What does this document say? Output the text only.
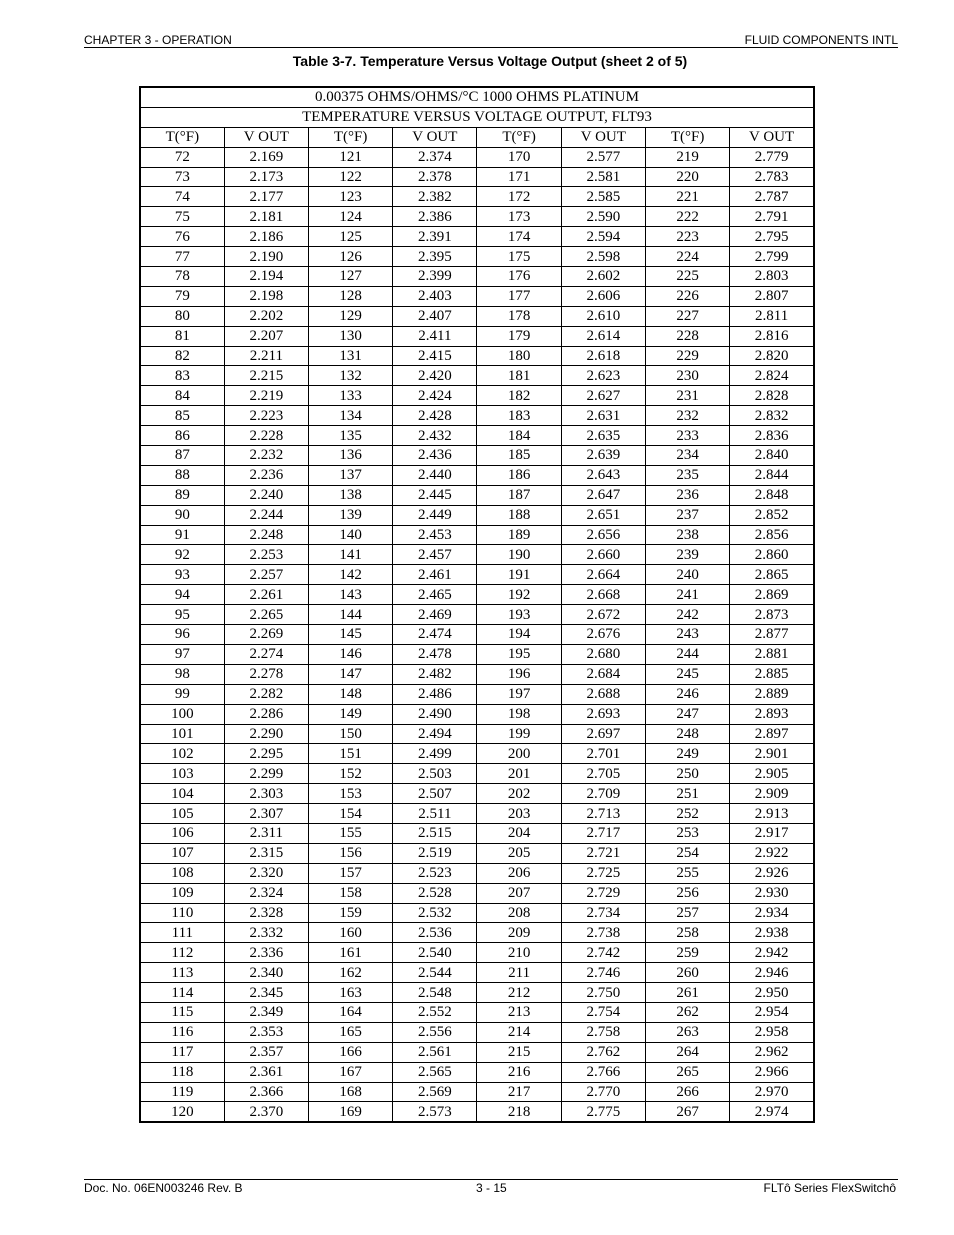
CHAPTER 3 - OPERATION	FLUID COMPONENTS INTL
Table 3-7. Temperature Versus Voltage Output (sheet 2 of 5)
0.00375 OHMS/OHMS/°C 1000 OHMS PLATINUM							
TEMPERATURE VERSUS VOLTAGE OUTPUT, FLT93							
T(°F)	V OUT	T(°F)	V OUT	T(°F)	V OUT	T(°F)	V OUT
72	2.169	121	2.374	170	2.577	219	2.779
73	2.173	122	2.378	171	2.581	220	2.783
74	2.177	123	2.382	172	2.585	221	2.787
75	2.181	124	2.386	173	2.590	222	2.791
76	2.186	125	2.391	174	2.594	223	2.795
77	2.190	126	2.395	175	2.598	224	2.799
78	2.194	127	2.399	176	2.602	225	2.803
79	2.198	128	2.403	177	2.606	226	2.807
80	2.202	129	2.407	178	2.610	227	2.811
81	2.207	130	2.411	179	2.614	228	2.816
82	2.211	131	2.415	180	2.618	229	2.820
83	2.215	132	2.420	181	2.623	230	2.824
84	2.219	133	2.424	182	2.627	231	2.828
85	2.223	134	2.428	183	2.631	232	2.832
86	2.228	135	2.432	184	2.635	233	2.836
87	2.232	136	2.436	185	2.639	234	2.840
88	2.236	137	2.440	186	2.643	235	2.844
89	2.240	138	2.445	187	2.647	236	2.848
90	2.244	139	2.449	188	2.651	237	2.852
91	2.248	140	2.453	189	2.656	238	2.856
92	2.253	141	2.457	190	2.660	239	2.860
93	2.257	142	2.461	191	2.664	240	2.865
94	2.261	143	2.465	192	2.668	241	2.869
95	2.265	144	2.469	193	2.672	242	2.873
96	2.269	145	2.474	194	2.676	243	2.877
97	2.274	146	2.478	195	2.680	244	2.881
98	2.278	147	2.482	196	2.684	245	2.885
99	2.282	148	2.486	197	2.688	246	2.889
100	2.286	149	2.490	198	2.693	247	2.893
101	2.290	150	2.494	199	2.697	248	2.897
102	2.295	151	2.499	200	2.701	249	2.901
103	2.299	152	2.503	201	2.705	250	2.905
104	2.303	153	2.507	202	2.709	251	2.909
105	2.307	154	2.511	203	2.713	252	2.913
106	2.311	155	2.515	204	2.717	253	2.917
107	2.315	156	2.519	205	2.721	254	2.922
108	2.320	157	2.523	206	2.725	255	2.926
109	2.324	158	2.528	207	2.729	256	2.930
110	2.328	159	2.532	208	2.734	257	2.934
111	2.332	160	2.536	209	2.738	258	2.938
112	2.336	161	2.540	210	2.742	259	2.942
113	2.340	162	2.544	211	2.746	260	2.946
114	2.345	163	2.548	212	2.750	261	2.950
115	2.349	164	2.552	213	2.754	262	2.954
116	2.353	165	2.556	214	2.758	263	2.958
117	2.357	166	2.561	215	2.762	264	2.962
118	2.361	167	2.565	216	2.766	265	2.966
119	2.366	168	2.569	217	2.770	266	2.970
120	2.370	169	2.573	218	2.775	267	2.974
Doc. No. 06EN003246 Rev. B	3 - 15	FLTô Series FlexSwitchô
